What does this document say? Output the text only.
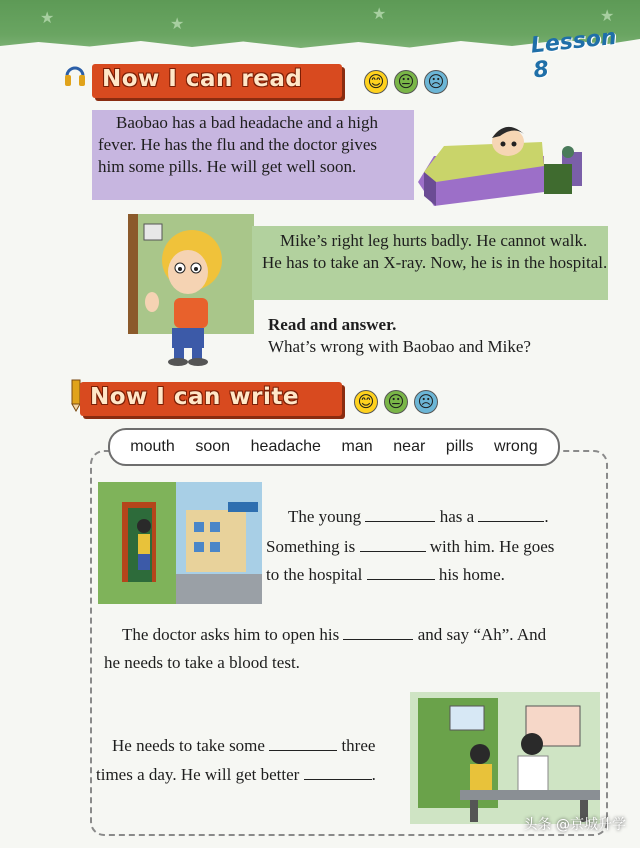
★	★
★	★
Lesson 8
Now I can read	😊 😐 ☹
Baobao has a bad headache and a high fever. He has the flu and the doctor gives him some pills. He will get well soon.
Mike’s right leg hurts badly. He cannot walk. He has to take an X-ray. Now, he is in the hospital.
Read and answer.
What’s wrong with Baobao and Mike?
Now I can write	😊 😐 ☹
mouth soon headache man near pills wrong
The young	has a	.
Something is	with him. He goes
to the hospital	his home.
The doctor asks him to open his	and say “Ah”. And
he needs to take a blood test.
He needs to take some	three
times a day. He will get better	.
头条 @京城升学
